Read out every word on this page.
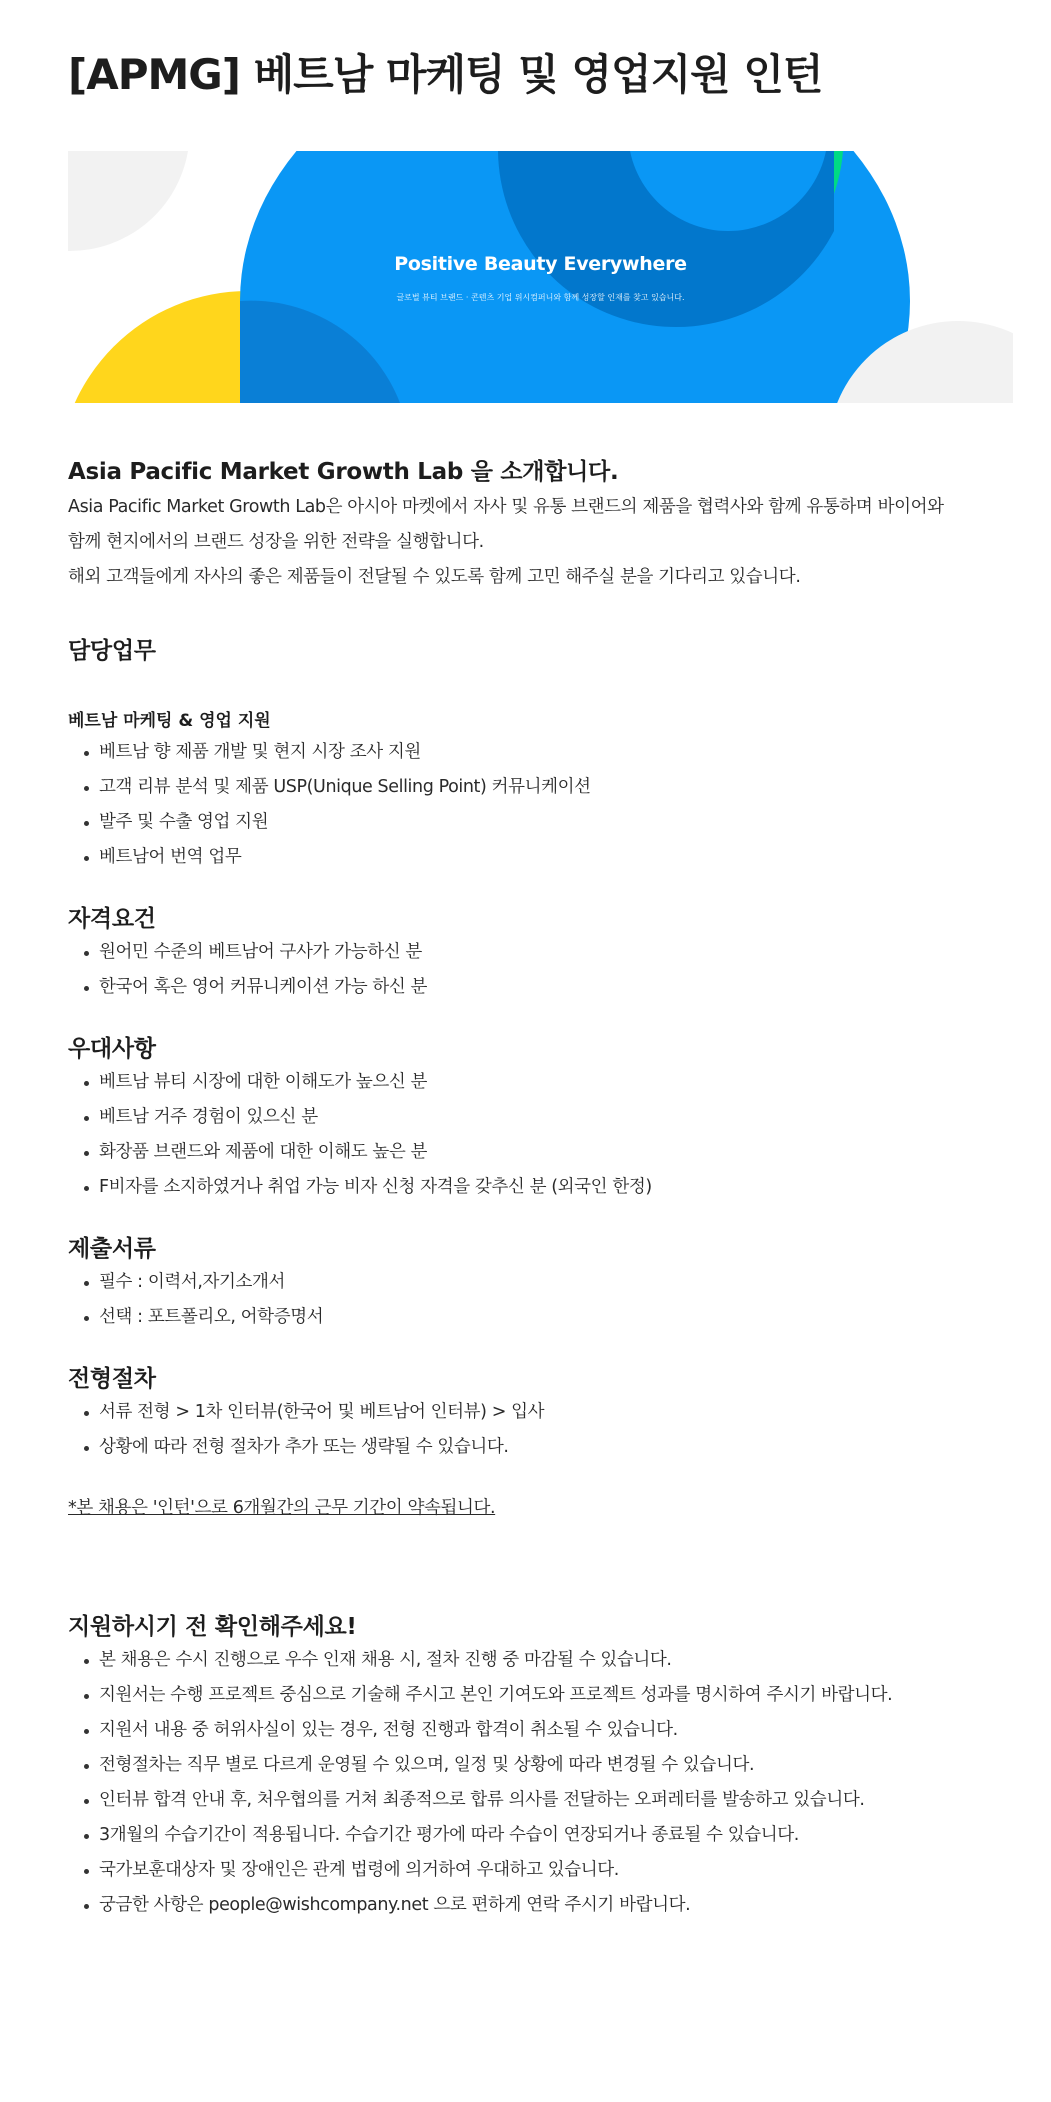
[APMG] 베트남 마케팅 및 영업지원 인턴
Positive Beauty Everywhere
글로벌 뷰티 브랜드 · 콘텐츠 기업 위시컴퍼니와 함께 성장할 인재를 찾고 있습니다.
Asia Pacific Market Growth Lab 을 소개합니다.

Asia Pacific Market Growth Lab은 아시아 마켓에서 자사 및 유통 브랜드의 제품을 협력사와 함께 유통하며 바이어와

함께 현지에서의 브랜드 성장을 위한 전략을 실행합니다.

해외 고객들에게 자사의 좋은 제품들이 전달될 수 있도록 함께 고민 해주실 분을 기다리고 있습니다.

담당업무
베트남 마케팅 & 영업 지원
베트남 향 제품 개발 및 현지 시장 조사 지원
고객 리뷰 분석 및 제품 USP(Unique Selling Point) 커뮤니케이션
발주 및 수출 영업 지원
베트남어 번역 업무
자격요건
원어민 수준의 베트남어 구사가 가능하신 분
한국어 혹은 영어 커뮤니케이션 가능 하신 분
우대사항
베트남 뷰티 시장에 대한 이해도가 높으신 분
베트남 거주 경험이 있으신 분
화장품 브랜드와 제품에 대한 이해도 높은 분
F비자를 소지하였거나 취업 가능 비자 신청 자격을 갖추신 분 (외국인 한정)
제출서류
필수 : 이력서,자기소개서
선택 : 포트폴리오, 어학증명서
전형절차
서류 전형 > 1차 인터뷰(한국어 및 베트남어 인터뷰) > 입사
상황에 따라 전형 절차가 추가 또는 생략될 수 있습니다.

*본 채용은 '인턴'으로 6개월간의 근무 기간이 약속됩니다.

지원하시기 전 확인해주세요!
본 채용은 수시 진행으로 우수 인재 채용 시, 절차 진행 중 마감될 수 있습니다.
지원서는 수행 프로젝트 중심으로 기술해 주시고 본인 기여도와 프로젝트 성과를 명시하여 주시기 바랍니다.
지원서 내용 중 허위사실이 있는 경우, 전형 진행과 합격이 취소될 수 있습니다.
전형절차는 직무 별로 다르게 운영될 수 있으며, 일정 및 상황에 따라 변경될 수 있습니다.
인터뷰 합격 안내 후, 처우협의를 거쳐 최종적으로 합류 의사를 전달하는 오퍼레터를 발송하고 있습니다.
3개월의 수습기간이 적용됩니다. 수습기간 평가에 따라 수습이 연장되거나 종료될 수 있습니다.
국가보훈대상자 및 장애인은 관계 법령에 의거하여 우대하고 있습니다.
궁금한 사항은 people@wishcompany.net 으로 편하게 연락 주시기 바랍니다.
